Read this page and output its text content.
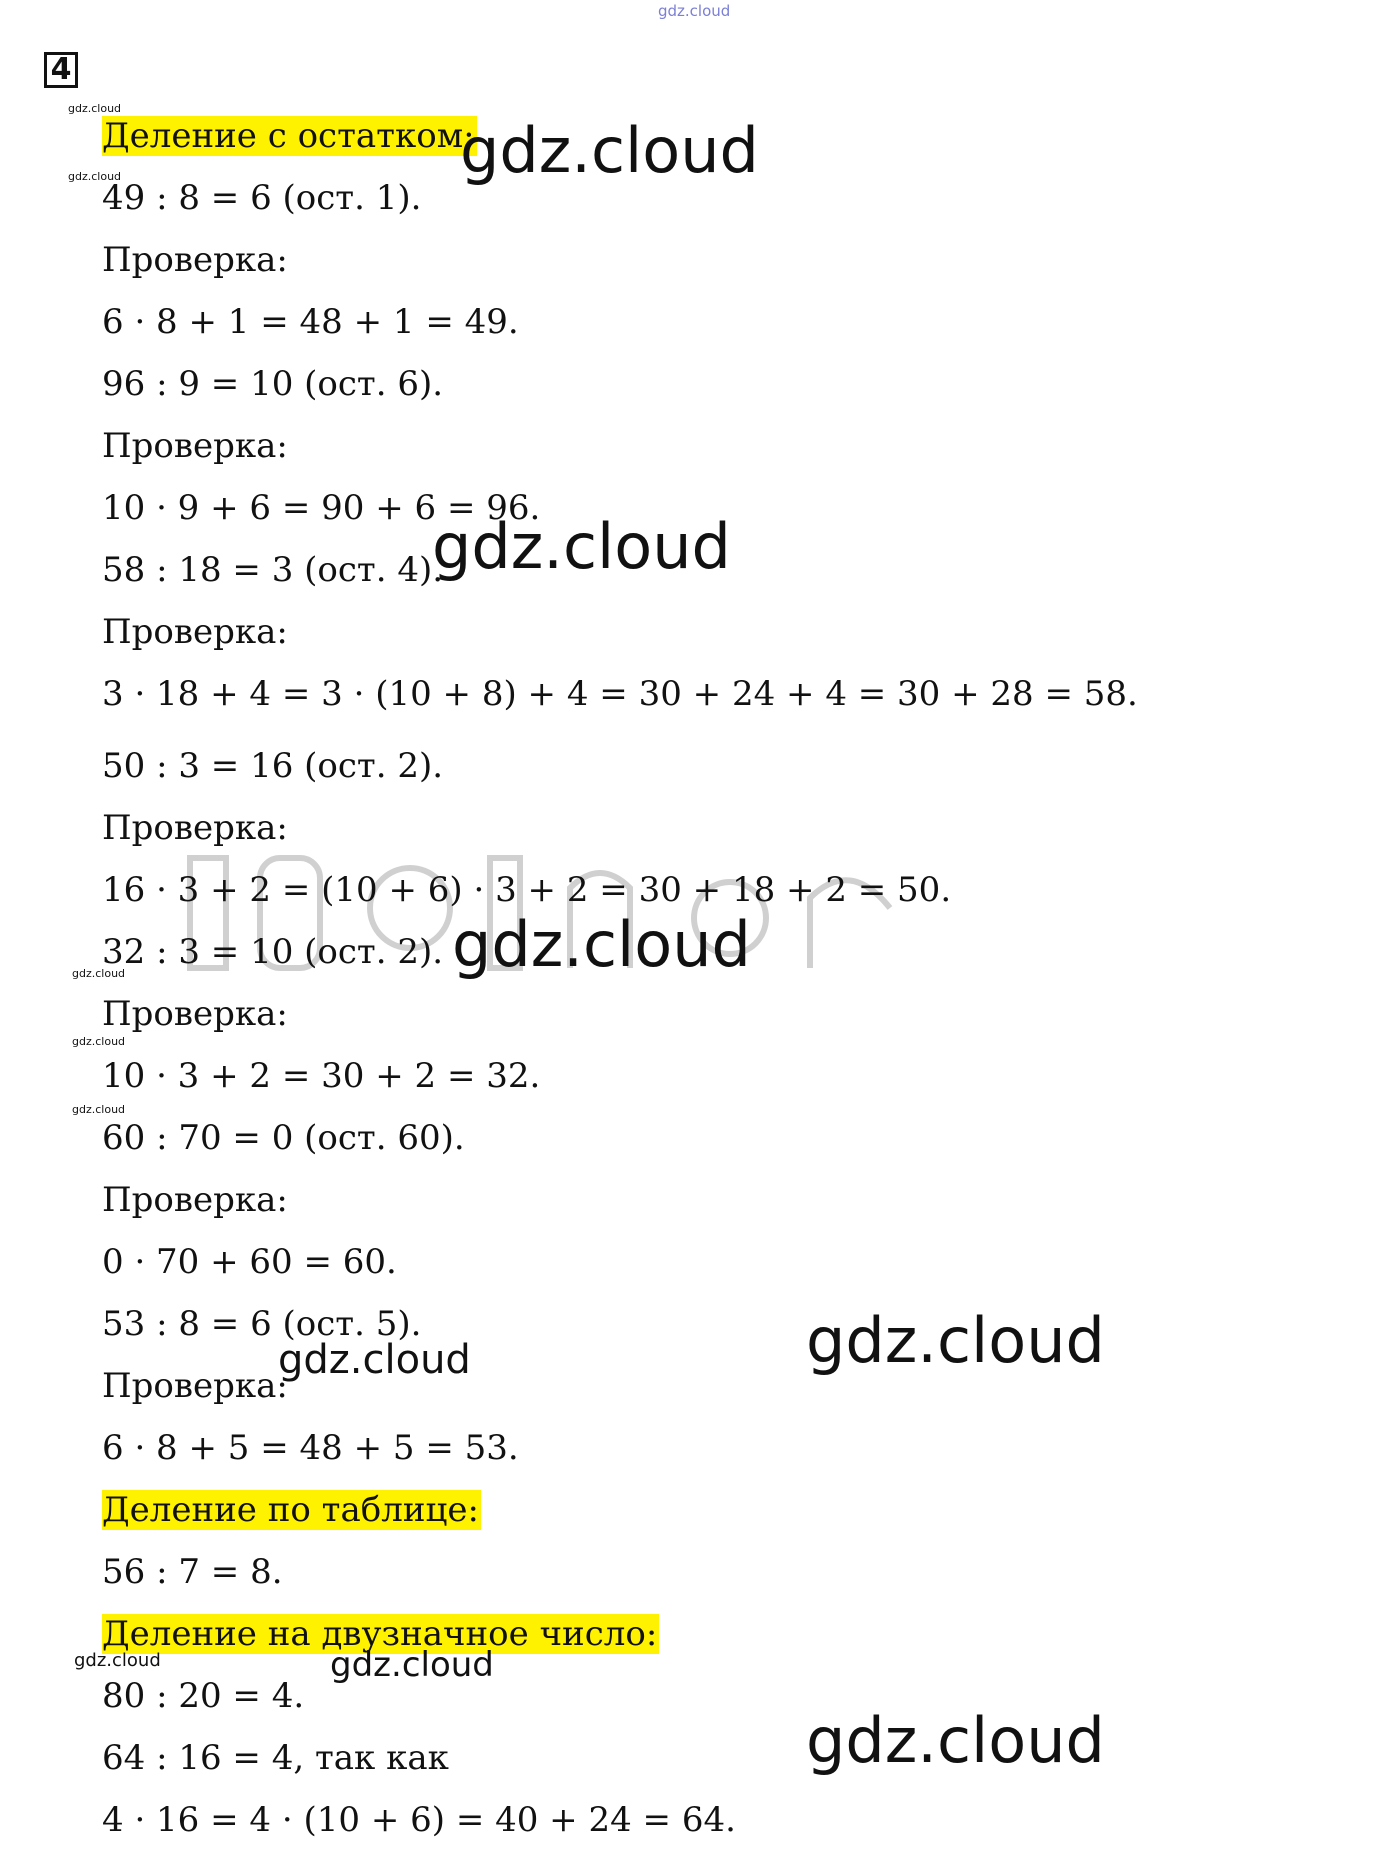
gdz.cloud
4
Деление с остатком:
49 : 8 = 6 (ост. 1).
Проверка:
6 · 8 + 1 = 48 + 1 = 49.
96 : 9 = 10 (ост. 6).
Проверка:
10 · 9 + 6 = 90 + 6 = 96.
58 : 18 = 3 (ост. 4).
Проверка:
3 · 18 + 4 = 3 · (10 + 8) + 4 = 30 + 24 + 4 = 30 + 28 = 58.
50 : 3 = 16 (ост. 2).
Проверка:
16 · 3 + 2 = (10 + 6) · 3 + 2 = 30 + 18 + 2 = 50.
32 : 3 = 10 (ост. 2).
Проверка:
10 · 3 + 2 = 30 + 2 = 32.
60 : 70 = 0 (ост. 60).
Проверка:
0 · 70 + 60 = 60.
53 : 8 = 6 (ост. 5).
Проверка:
6 · 8 + 5 = 48 + 5 = 53.
Деление по таблице:
56 : 7 = 8.
Деление на двузначное число:
80 : 20 = 4.
64 : 16 = 4, так как
4 · 16 = 4 · (10 + 6) = 40 + 24 = 64.
gdz.cloud
gdz.cloud
gdz.cloud
gdz.cloud
gdz.cloud
gdz.cloud
gdz.cloud
gdz.cloud
gdz.cloud
gdz.cloud
gdz.cloud
gdz.cloud
gdz.cloud
